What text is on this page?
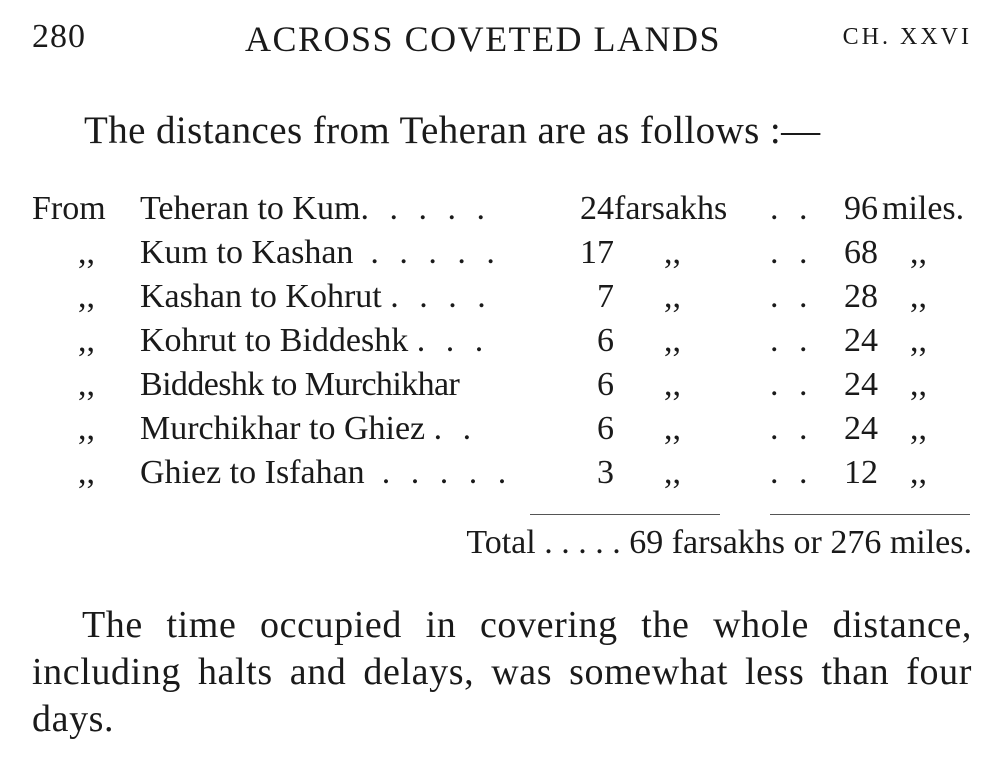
280	ACROSS COVETED LANDS	CH. XXVI
The distances from Teheran are as follows :—
From Teheran to Kum. . . . .	24 farsakhs . . 96 miles.
,, Kum to Kashan . . . . .	17 ,,	. . 68 ,,
,, Kashan to Kohrut . . . .	7 ,,	. . 28 ,,
,, Kohrut to Biddeshk . . .	6 ,,	. . 24 ,,
,, Biddeshk to Murchikhar	6 ,,	. . 24 ,,
,, Murchikhar to Ghiez . .	6 ,,	. . 24 ,,
,, Ghiez to Isfahan . . . . .	3 ,,	. . 12 ,,
Total . . . . . 69 farsakhs or 276 miles.
The time occupied in covering the whole distance, including halts and delays, was somewhat less than four days.
